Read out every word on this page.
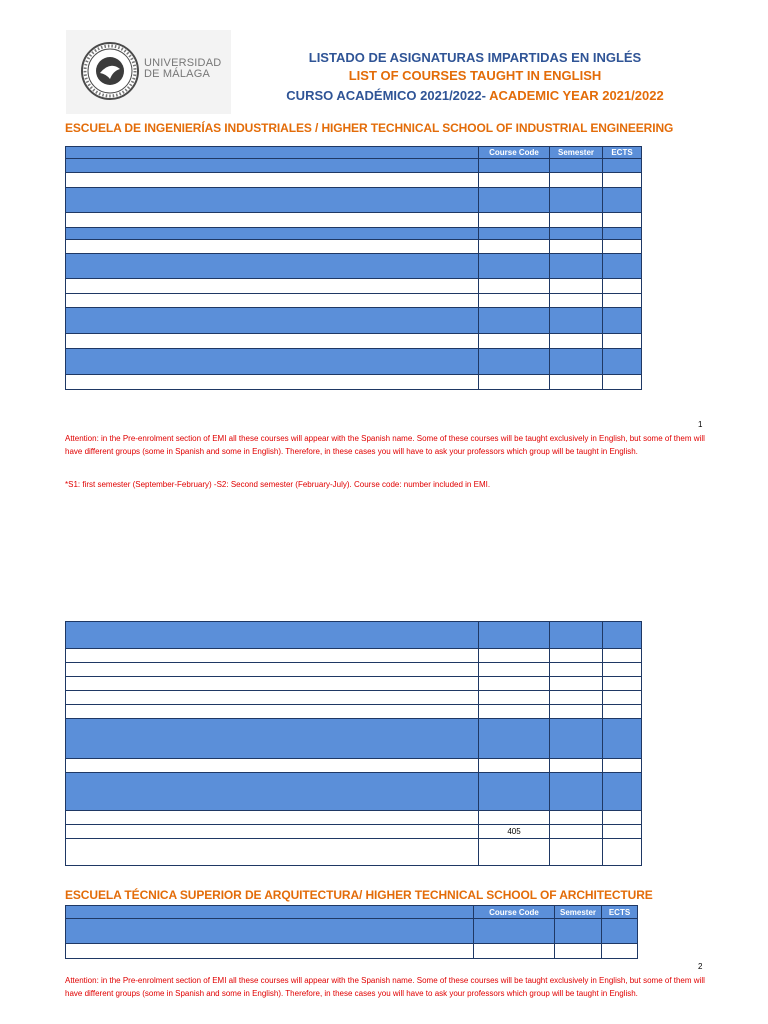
UNIVERSIDAD
DE MÁLAGA
LISTADO DE ASIGNATURAS IMPARTIDAS EN INGLÉS
LIST OF COURSES TAUGHT IN ENGLISH
CURSO ACADÉMICO 2021/2022- ACADEMIC YEAR 2021/2022
ESCUELA DE INGENIERÍAS INDUSTRIALES / HIGHER TECHNICAL SCHOOL OF INDUSTRIAL ENGINEERING
	Course Code	Semester	ECTS

1
Attention: in the Pre-enrolment section of EMI all these courses will appear with the Spanish name. Some of these courses will be taught exclusively in English, but some of them will have different groups (some in Spanish and some in English). Therefore, in these cases you will have to ask your professors which group will be taught in English.
*S1: first semester (September-February) -S2: Second semester (February-July). Course code: number included in EMI.

	405		

ESCUELA TÉCNICA SUPERIOR DE ARQUITECTURA/ HIGHER TECHNICAL SCHOOL OF ARCHITECTURE
	Course Code	Semester	ECTS

2
Attention: in the Pre-enrolment section of EMI all these courses will appear with the Spanish name. Some of these courses will be taught exclusively in English, but some of them will have different groups (some in Spanish and some in English). Therefore, in these cases you will have to ask your professors which group will be taught in English.
